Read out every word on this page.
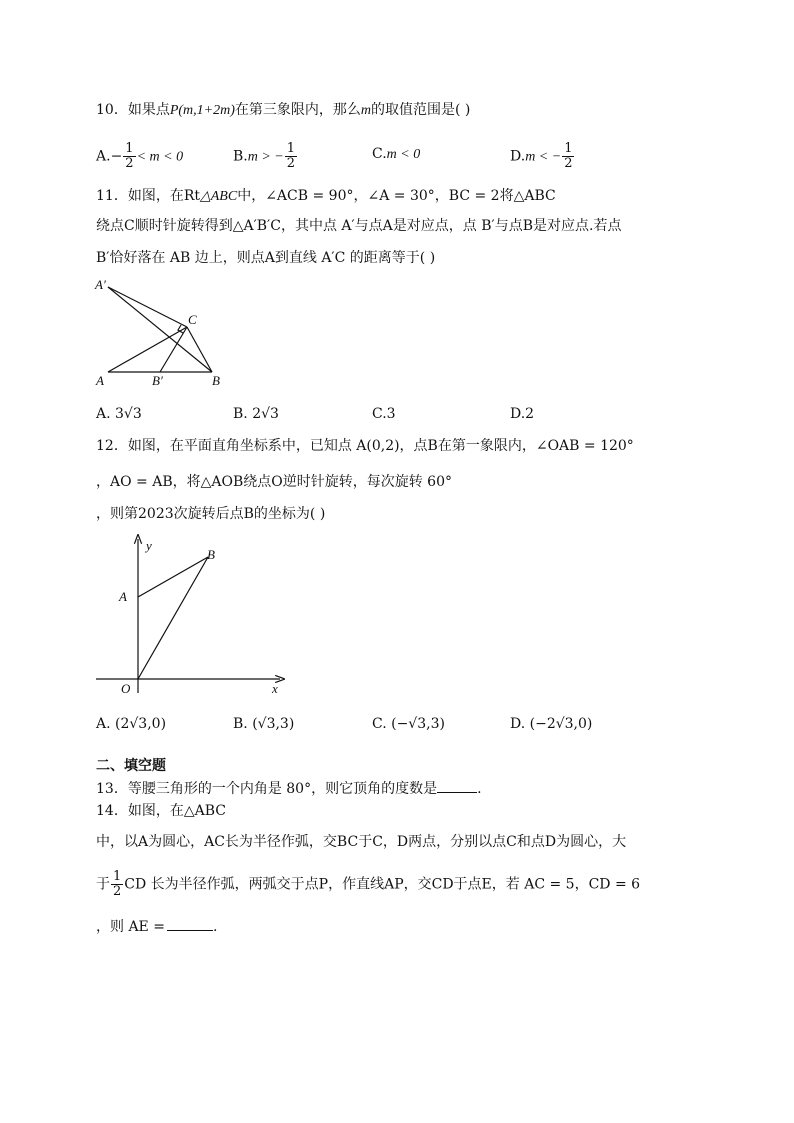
10．如果点P(m,1+2m)在第三象限内，那么m的取值范围是( )
$A.- \frac{1}{2} < m < 0$	B.m > − $\frac{1}{2}$	C.m < 0	D.m < − $\frac{1}{2}$
11．如图，在Rt△ABC中，∠ACB = 90°，∠A = 30°，BC = 2将△ABC
绕点C顺时针旋转得到△A′B′C，其中点 A′与点A是对应点，点 B′与点B是对应点.若点
B′恰好落在 AB 边上，则点A到直线 A′C 的距离等于( )
A′
C
A	B′	B
A. 3√3	B. 2√3	C.3	D.2
12．如图，在平面直角坐标系中，已知点 A(0,2)，点B在第一象限内，∠OAB = 120°
，AO = AB，将△AOB绕点O逆时针旋转，每次旋转 60°
，则第2023次旋转后点B的坐标为( )
y
B
A
O	x
A. (2√3,0)	B. (√3,3)	C. (−√3,3)	D. (−2√3,0)
二、填空题
13．等腰三角形的一个内角是 80°，则它顶角的度数是	.
14．如图，在△ABC
中，以A为圆心，AC长为半径作弧，交BC于C，D两点，分别以点C和点D为圆心，大
于 $\frac{1}{2}$ CD 长为半径作弧，两弧交于点P，作直线AP，交CD于点E，若 AC = 5，CD = 6
，则 AE =	.
